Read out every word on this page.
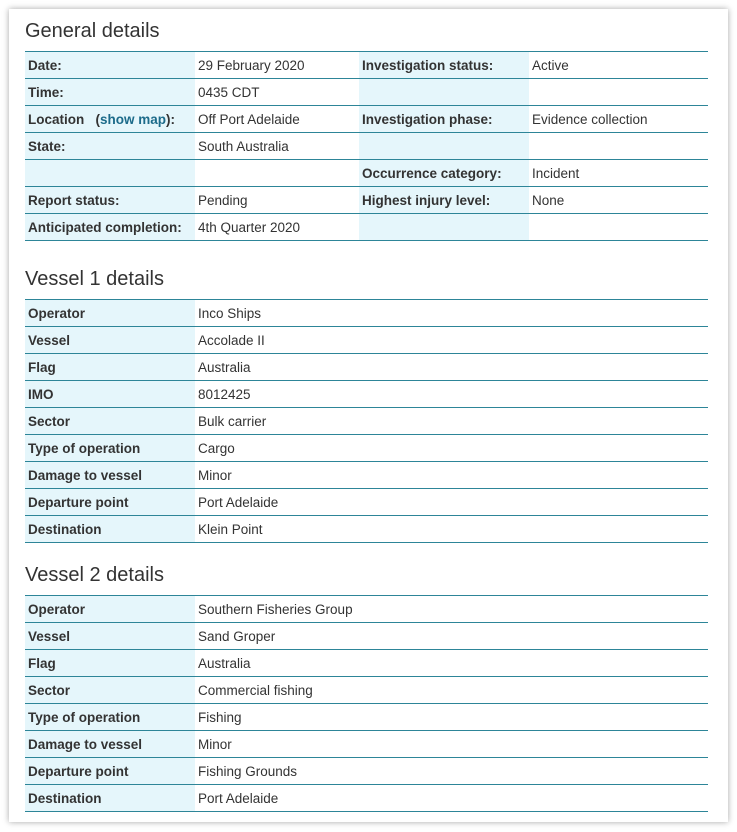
General details
Date:	29 February 2020	Investigation status:	Active
Time:	0435 CDT		
Location (show map):	Off Port Adelaide	Investigation phase:	Evidence collection
State:	South Australia		
		Occurrence category:	Incident
Report status:	Pending	Highest injury level:	None
Anticipated completion:	4th Quarter 2020		
Vessel 1 details
Operator	Inco Ships
Vessel	Accolade II
Flag	Australia
IMO	8012425
Sector	Bulk carrier
Type of operation	Cargo
Damage to vessel	Minor
Departure point	Port Adelaide
Destination	Klein Point
Vessel 2 details
Operator	Southern Fisheries Group
Vessel	Sand Groper
Flag	Australia
Sector	Commercial fishing
Type of operation	Fishing
Damage to vessel	Minor
Departure point	Fishing Grounds
Destination	Port Adelaide
